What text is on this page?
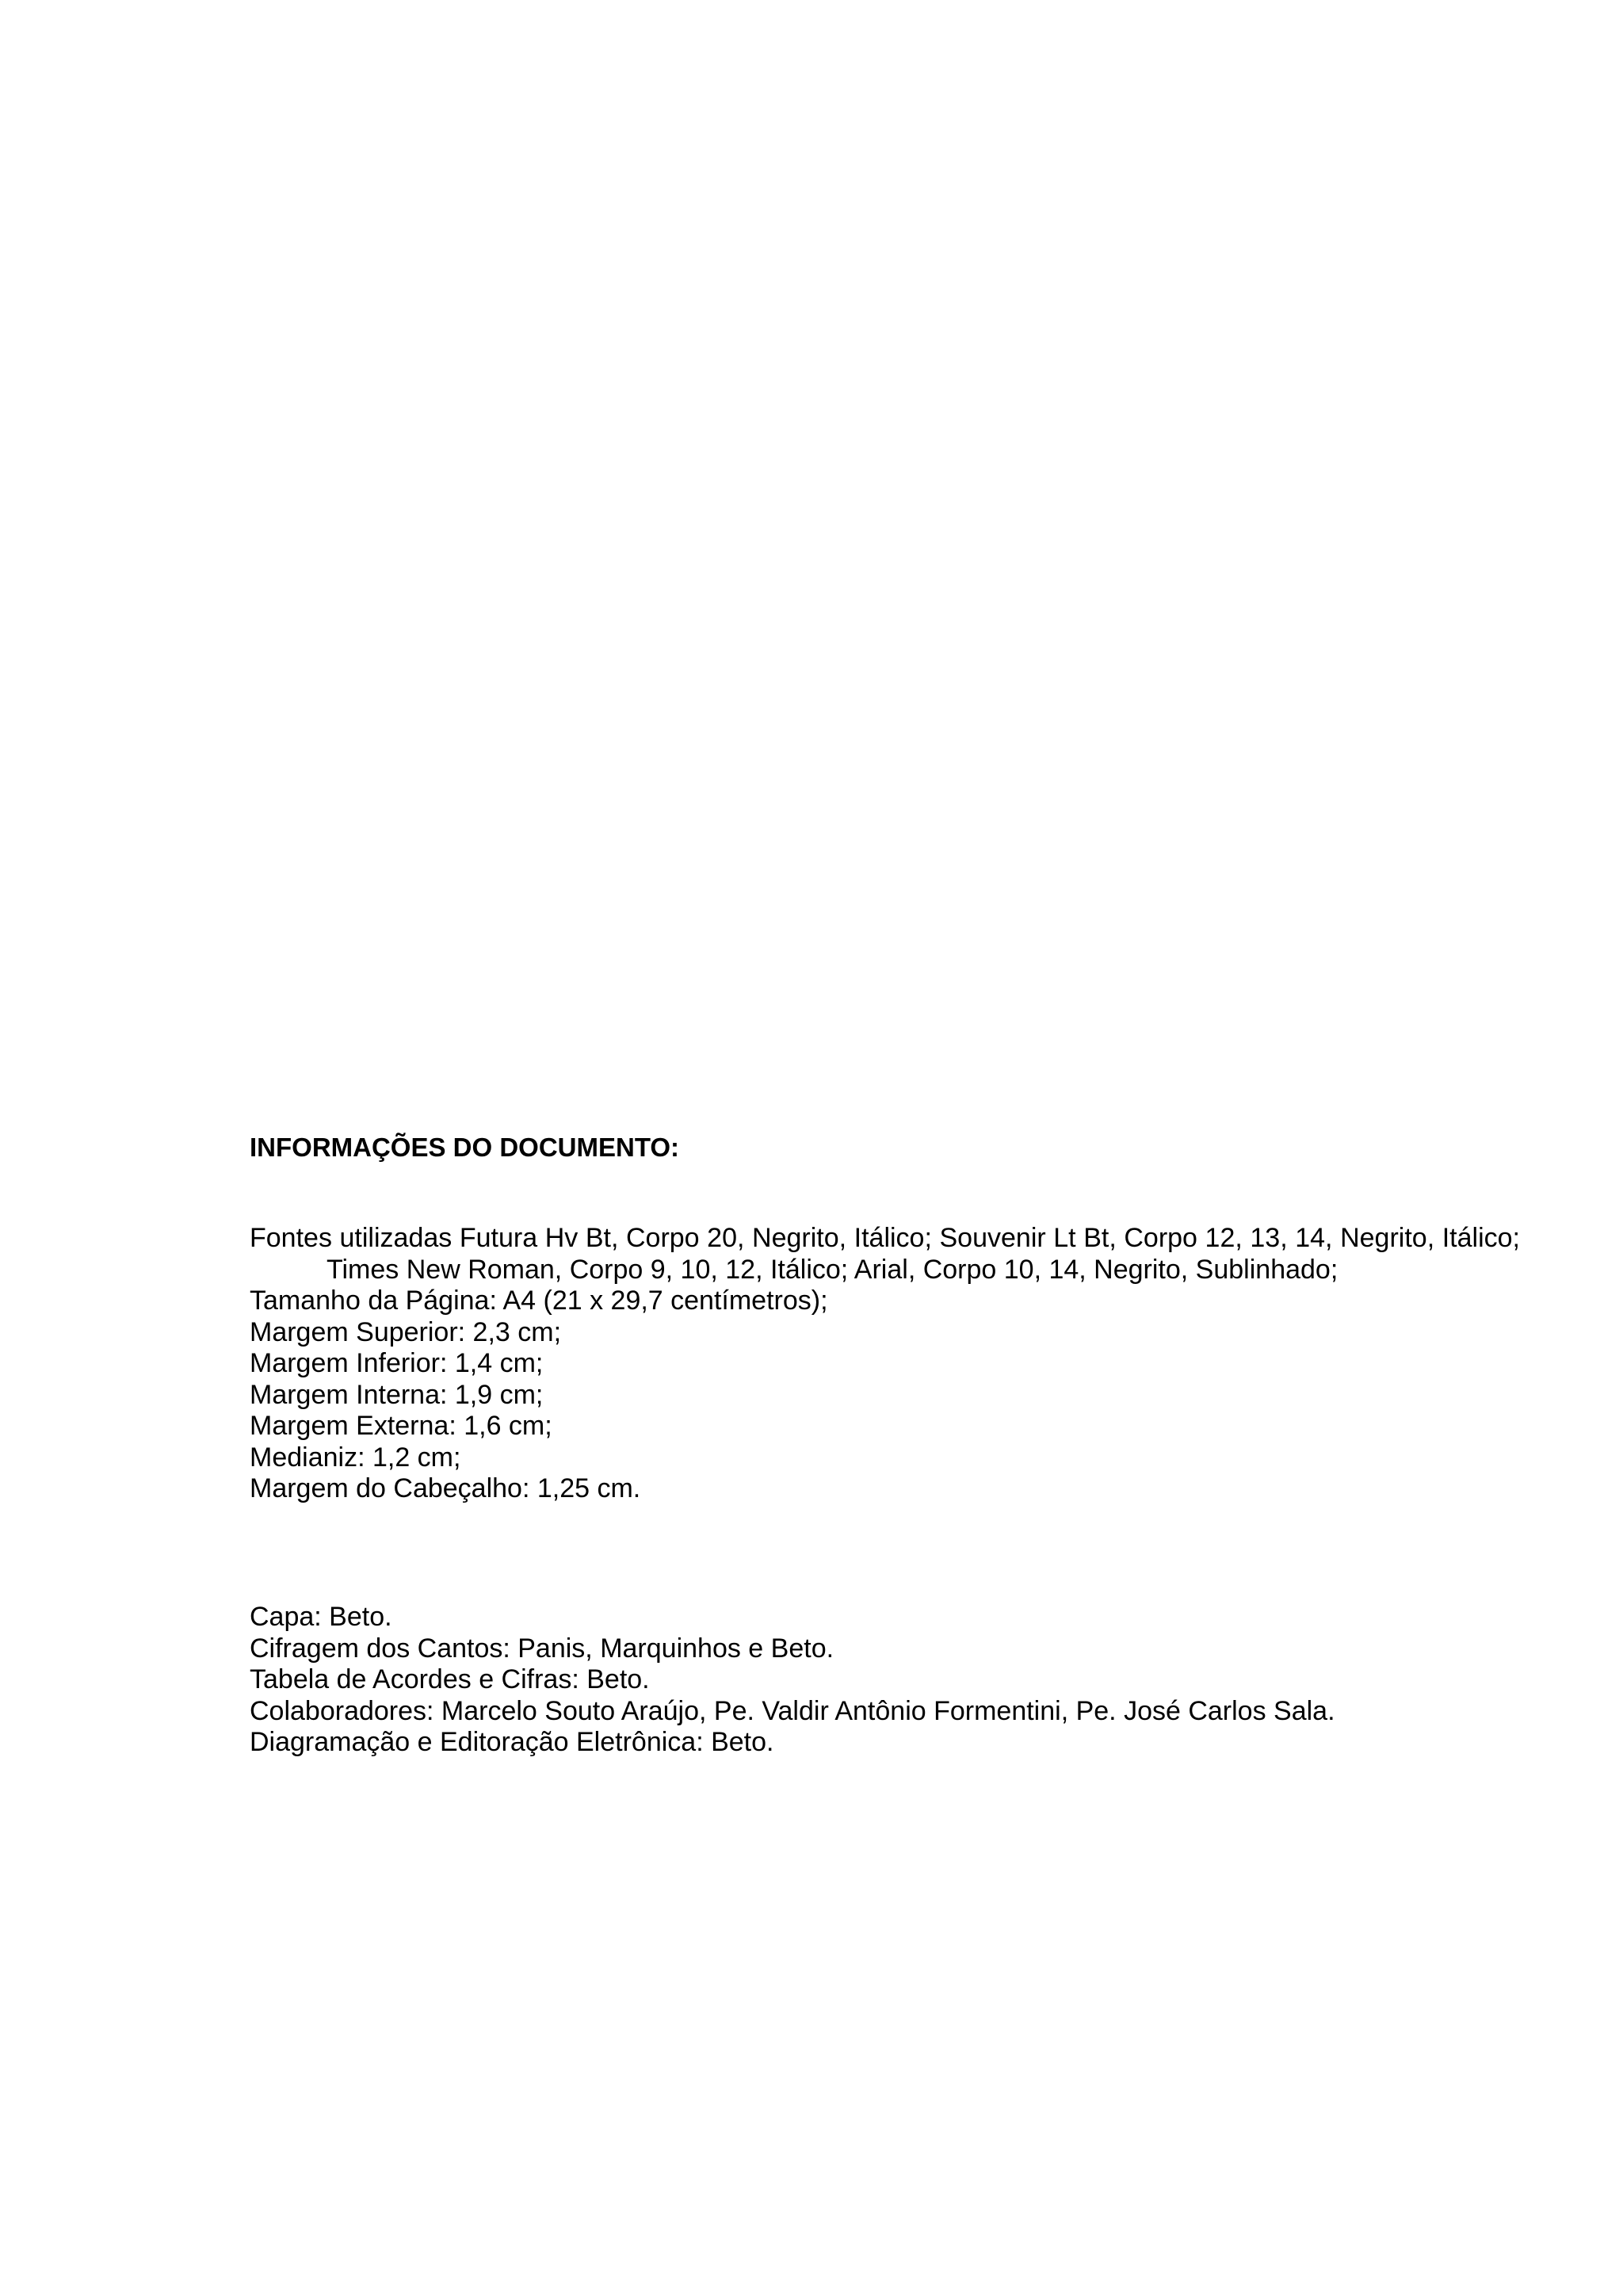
INFORMAÇÕES DO DOCUMENTO:

Fontes utilizadas Futura Hv Bt, Corpo 20, Negrito, Itálico; Souvenir Lt Bt, Corpo 12, 13, 14, Negrito, Itálico; Times New Roman, Corpo 9, 10, 12, Itálico; Arial, Corpo 10, 14, Negrito, Sublinhado;

Tamanho da Página: A4 (21 x 29,7 centímetros);

Margem Superior: 2,3 cm;

Margem Inferior: 1,4 cm;

Margem Interna: 1,9 cm;

Margem Externa: 1,6 cm;

Medianiz: 1,2 cm;

Margem do Cabeçalho: 1,25 cm.

Capa: Beto.

Cifragem dos Cantos: Panis, Marquinhos e Beto.

Tabela de Acordes e Cifras: Beto.

Colaboradores: Marcelo Souto Araújo, Pe. Valdir Antônio Formentini, Pe. José Carlos Sala.

Diagramação e Editoração Eletrônica: Beto.
